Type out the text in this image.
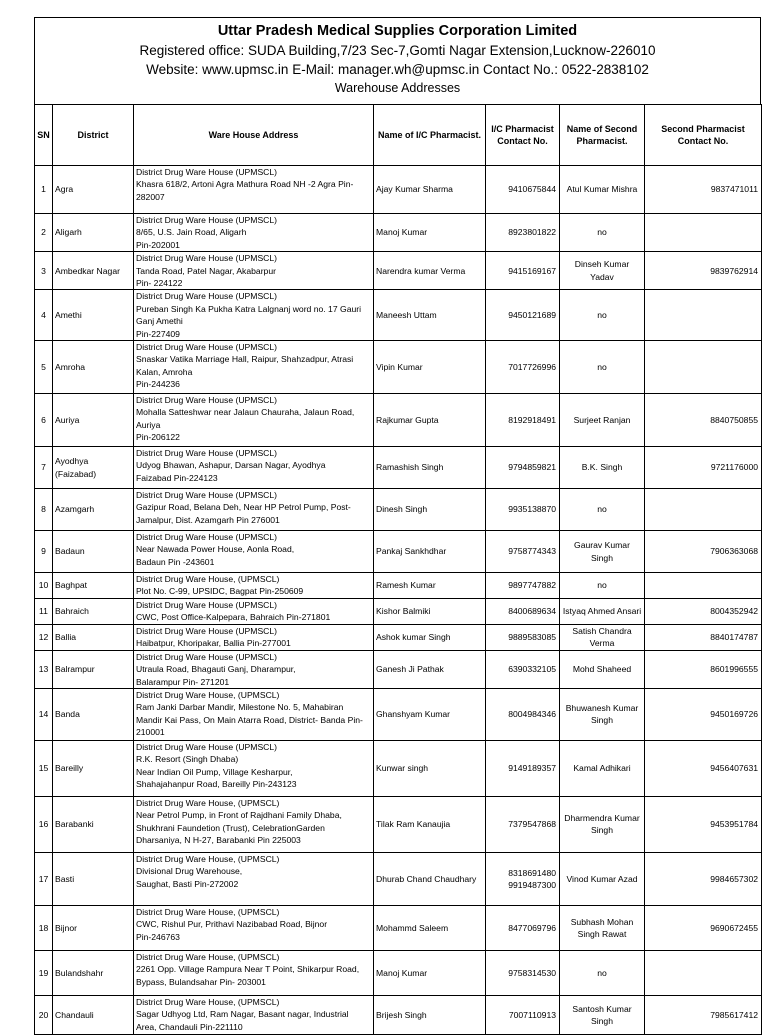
Uttar Pradesh Medical Supplies Corporation Limited
Registered office: SUDA Building,7/23 Sec-7,Gomti Nagar Extension,Lucknow-226010
Website: www.upmsc.in E-Mail: manager.wh@upmsc.in Contact No.: 0522-2838102
Warehouse Addresses
SN	District	Ware House Address	Name of I/C Pharmacist.	I/C Pharmacist Contact No.	Name of Second Pharmacist.	Second Pharmacist Contact No.
1	Agra	District Drug Ware House (UPMSCL)
Khasra 618/2, Artoni Agra Mathura Road NH -2 Agra Pin-
282007	Ajay Kumar Sharma	9410675844	Atul Kumar Mishra	9837471011
2	Aligarh	District Drug Ware House (UPMSCL)
8/65, U.S. Jain Road, Aligarh
Pin-202001	Manoj Kumar	8923801822	no	
3	Ambedkar Nagar	District Drug Ware House (UPMSCL)
Tanda Road, Patel Nagar, Akabarpur
Pin- 224122	Narendra kumar Verma	9415169167	Dinseh Kumar Yadav	9839762914
4	Amethi	District Drug Ware House (UPMSCL)
Pureban Singh Ka Pukha Katra Lalgnanj word no. 17 Gauri
Ganj Amethi
Pin-227409	Maneesh Uttam	9450121689	no	
5	Amroha	District Drug Ware House (UPMSCL)
Snaskar Vatika Marriage Hall, Raipur, Shahzadpur, Atrasi
Kalan, Amroha
Pin-244236	Vipin Kumar	7017726996	no	
6	Auriya	District Drug Ware House (UPMSCL)
Mohalla Satteshwar near Jalaun Chauraha, Jalaun Road,
Auriya
Pin-206122	Rajkumar Gupta	8192918491	Surjeet Ranjan	8840750855
7	Ayodhya (Faizabad)	District Drug Ware House (UPMSCL)
Udyog Bhawan, Ashapur, Darsan Nagar, Ayodhya
Faizabad Pin-224123	Ramashish Singh	9794859821	B.K. Singh	9721176000
8	Azamgarh	District Drug Ware House (UPMSCL)
Gazipur Road, Belana Deh, Near HP Petrol Pump, Post-
Jamalpur, Dist. Azamgarh Pin 276001	Dinesh Singh	9935138870	no	
9	Badaun	District Drug Ware House (UPMSCL)
Near Nawada Power House, Aonla Road,
Badaun Pin -243601	Pankaj Sankhdhar	9758774343	Gaurav Kumar Singh	7906363068
10	Baghpat	District Drug Ware House, (UPMSCL)
Plot No. C-99, UPSIDC, Bagpat Pin-250609	Ramesh Kumar	9897747882	no	
11	Bahraich	District Drug Ware House (UPMSCL)
CWC, Post Office-Kalpepara, Bahraich Pin-271801	Kishor Balmiki	8400689634	Istyaq Ahmed Ansari	8004352942
12	Ballia	District Drug Ware House (UPMSCL)
Haibatpur, Khoripakar, Ballia Pin-277001	Ashok kumar Singh	9889583085	Satish Chandra Verma	8840174787
13	Balrampur	District Drug Ware House (UPMSCL)
Utraula Road, Bhagauti Ganj, Dharampur,
Balarampur Pin- 271201	Ganesh Ji Pathak	6390332105	Mohd Shaheed	8601996555
14	Banda	District Drug Ware House, (UPMSCL)
Ram Janki Darbar Mandir, Milestone No. 5, Mahabiran
Mandir Kai Pass, On Main Atarra Road, District- Banda Pin-
210001	Ghanshyam Kumar	8004984346	Bhuwanesh Kumar Singh	9450169726
15	Bareilly	District Drug Ware House (UPMSCL)
R.K. Resort (Singh Dhaba)
Near Indian Oil Pump, Village Kesharpur,
Shahajahanpur Road, Bareilly Pin-243123	Kunwar singh	9149189357	Kamal Adhikari	9456407631
16	Barabanki	District Drug Ware House, (UPMSCL)
Near Petrol Pump, in Front of Rajdhani Family Dhaba,
Shukhrani Faundetion (Trust), CelebrationGarden
Dharsaniya, N H-27, Barabanki Pin 225003	Tilak Ram Kanaujia	7379547868	Dharmendra Kumar Singh	9453951784
17	Basti	District Drug Ware House, (UPMSCL)
Divisional Drug Warehouse,
Saughat, Basti Pin-272002	Dhurab Chand Chaudhary	8318691480
9919487300	Vinod Kumar Azad	9984657302
18	Bijnor	District Drug Ware House, (UPMSCL)
CWC, Rishul Pur, Prithavi Nazibabad Road, Bijnor
Pin-246763	Mohammd Saleem	8477069796	Subhash Mohan Singh Rawat	9690672455
19	Bulandshahr	District Drug Ware House, (UPMSCL)
2261 Opp. Village Rampura Near T Point, Shikarpur Road,
Bypass, Bulandsahar Pin- 203001	Manoj Kumar	9758314530	no	
20	Chandauli	District Drug Ware House, (UPMSCL)
Sagar Udhyog Ltd, Ram Nagar, Basant nagar, Industrial
Area, Chandauli Pin-221110	Brijesh Singh	7007110913	Santosh Kumar Singh	7985617412
